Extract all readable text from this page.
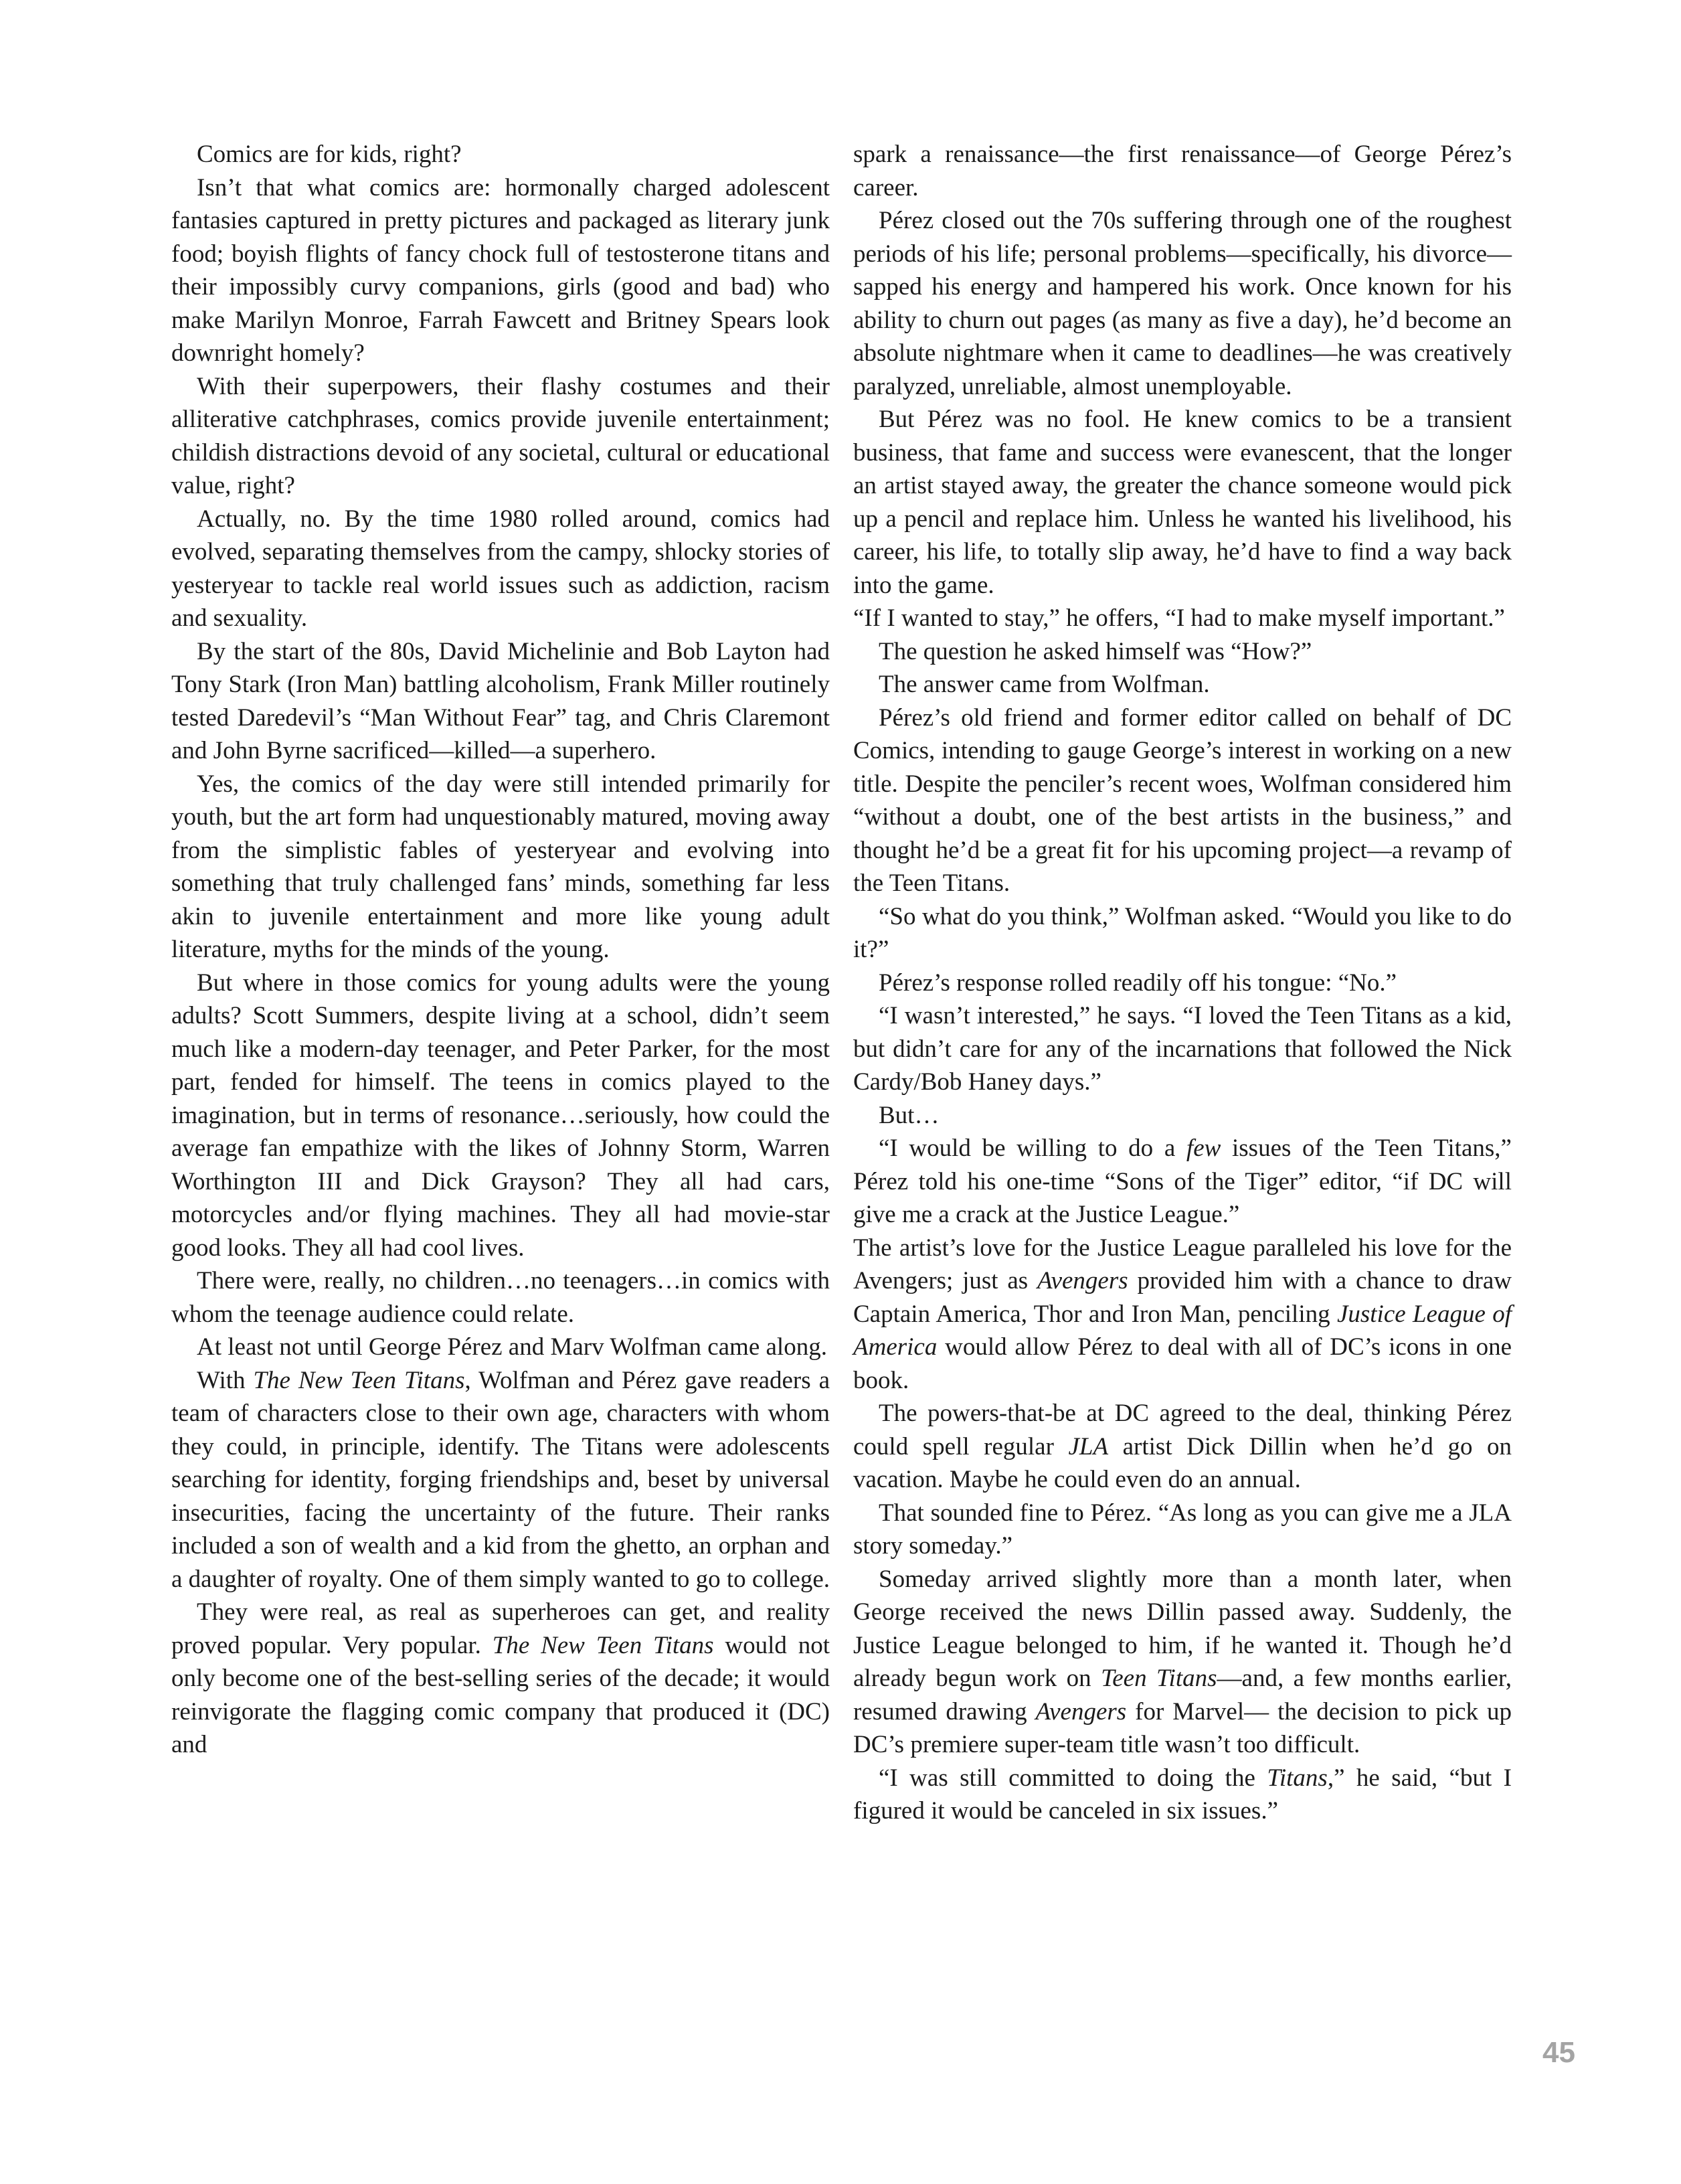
Comics are for kids, right?

Isn’t that what comics are: hormonally charged adolescent fantasies captured in pretty pictures and packaged as literary junk food; boyish flights of fancy chock full of testosterone titans and their impossibly curvy companions, girls (good and bad) who make Marilyn Monroe, Farrah Fawcett and Britney Spears look downright homely?

With their superpowers, their flashy costumes and their alliterative catchphrases, comics provide juvenile entertainment; childish distractions devoid of any societal, cultural or educational value, right?

Actually, no. By the time 1980 rolled around, comics had evolved, separating themselves from the campy, shlocky stories of yesteryear to tackle real world issues such as addiction, racism and sexuality.

By the start of the 80s, David Michelinie and Bob Layton had Tony Stark (Iron Man) battling alcoholism, Frank Miller routinely tested Daredevil’s “Man Without Fear” tag, and Chris Claremont and John Byrne sacrificed—killed—a superhero.

Yes, the comics of the day were still intended primarily for youth, but the art form had unquestionably matured, moving away from the simplistic fables of yesteryear and evolving into something that truly challenged fans’ minds, something far less akin to juvenile entertainment and more like young adult literature, myths for the minds of the young.

But where in those comics for young adults were the young adults? Scott Summers, despite living at a school, didn’t seem much like a modern-day teenager, and Peter Parker, for the most part, fended for himself. The teens in comics played to the imagination, but in terms of resonance…seriously, how could the average fan empathize with the likes of Johnny Storm, Warren Worthington III and Dick Grayson? They all had cars, motorcycles and/or flying machines. They all had movie-star good looks. They all had cool lives.

There were, really, no children…no teenagers…in comics with whom the teenage audience could relate.

At least not until George Pérez and Marv Wolfman came along.

With The New Teen Titans, Wolfman and Pérez gave readers a team of characters close to their own age, characters with whom they could, in principle, identify. The Titans were adolescents searching for identity, forging friendships and, beset by universal insecurities, facing the uncertainty of the future. Their ranks included a son of wealth and a kid from the ghetto, an orphan and a daughter of royalty. One of them simply wanted to go to college.

They were real, as real as superheroes can get, and reality proved popular. Very popular. The New Teen Titans would not only become one of the best-selling series of the decade; it would reinvigorate the flagging comic company that produced it (DC) and

spark a renaissance—the first renaissance—of George Pérez’s career.

Pérez closed out the 70s suffering through one of the roughest periods of his life; personal problems—specifically, his divorce—sapped his energy and hampered his work. Once known for his ability to churn out pages (as many as five a day), he’d become an absolute nightmare when it came to deadlines—he was creatively paralyzed, unreliable, almost unemployable.

But Pérez was no fool. He knew comics to be a transient business, that fame and success were evanescent, that the longer an artist stayed away, the greater the chance someone would pick up a pencil and replace him. Unless he wanted his livelihood, his career, his life, to totally slip away, he’d have to find a way back into the game.

“If I wanted to stay,” he offers, “I had to make myself important.”

The question he asked himself was “How?”

The answer came from Wolfman.

Pérez’s old friend and former editor called on behalf of DC Comics, intending to gauge George’s interest in working on a new title. Despite the penciler’s recent woes, Wolfman considered him “without a doubt, one of the best artists in the business,” and thought he’d be a great fit for his upcoming project—a revamp of the Teen Titans.

“So what do you think,” Wolfman asked. “Would you like to do it?”

Pérez’s response rolled readily off his tongue: “No.”

“I wasn’t interested,” he says. “I loved the Teen Titans as a kid, but didn’t care for any of the incarnations that followed the Nick Cardy/Bob Haney days.”

But…

“I would be willing to do a few issues of the Teen Titans,” Pérez told his one-time “Sons of the Tiger” editor, “if DC will give me a crack at the Justice League.”

The artist’s love for the Justice League paralleled his love for the Avengers; just as Avengers provided him with a chance to draw Captain America, Thor and Iron Man, penciling Justice League of America would allow Pérez to deal with all of DC’s icons in one book.

The powers-that-be at DC agreed to the deal, thinking Pérez could spell regular JLA artist Dick Dillin when he’d go on vacation. Maybe he could even do an annual.

That sounded fine to Pérez. “As long as you can give me a JLA story someday.”

Someday arrived slightly more than a month later, when George received the news Dillin passed away. Suddenly, the Justice League belonged to him, if he wanted it. Though he’d already begun work on Teen Titans—and, a few months earlier, resumed drawing Avengers for Marvel— the decision to pick up DC’s premiere super-team title wasn’t too difficult.

“I was still committed to doing the Titans,” he said, “but I figured it would be canceled in six issues.”

45
